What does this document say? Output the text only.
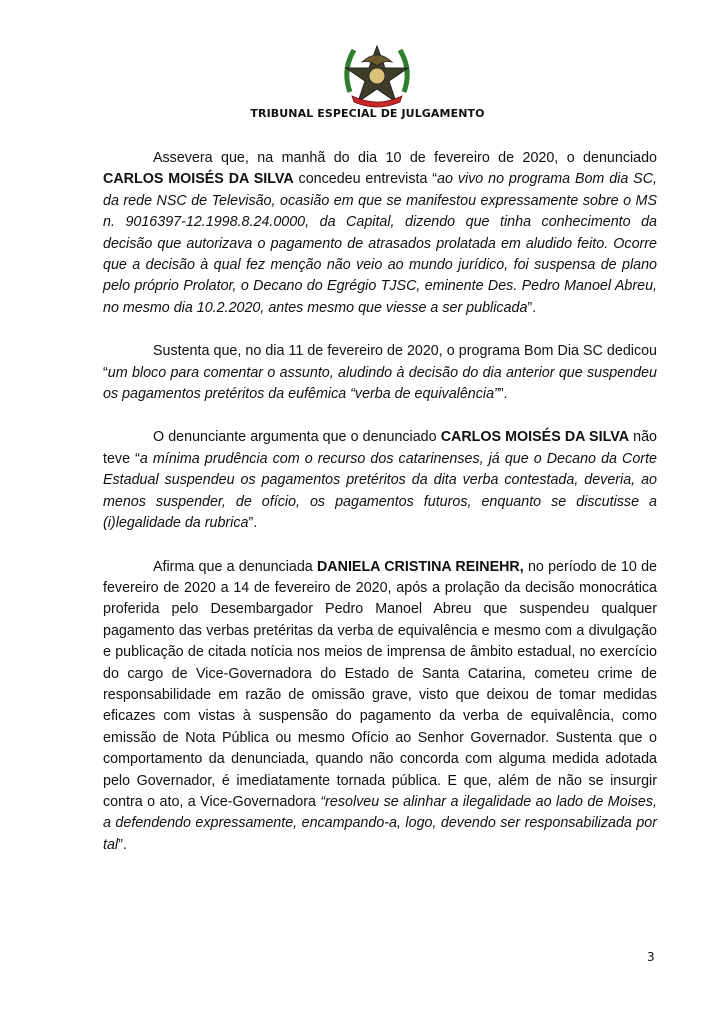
TRIBUNAL ESPECIAL DE JULGAMENTO

Assevera que, na manhã do dia 10 de fevereiro de 2020, o denunciado CARLOS MOISÉS DA SILVA concedeu entrevista “ao vivo no programa Bom dia SC, da rede NSC de Televisão, ocasião em que se manifestou expressamente sobre o MS n. 9016397-12.1998.8.24.0000, da Capital, dizendo que tinha conhecimento da decisão que autorizava o pagamento de atrasados prolatada em aludido feito. Ocorre que a decisão à qual fez menção não veio ao mundo jurídico, foi suspensa de plano pelo próprio Prolator, o Decano do Egrégio TJSC, eminente Des. Pedro Manoel Abreu, no mesmo dia 10.2.2020, antes mesmo que viesse a ser publicada”.

Sustenta que, no dia 11 de fevereiro de 2020, o programa Bom Dia SC dedicou “um bloco para comentar o assunto, aludindo à decisão do dia anterior que suspendeu os pagamentos pretéritos da eufêmica “verba de equivalência””.

O denunciante argumenta que o denunciado CARLOS MOISÉS DA SILVA não teve “a mínima prudência com o recurso dos catarinenses, já que o Decano da Corte Estadual suspendeu os pagamentos pretéritos da dita verba contestada, deveria, ao menos suspender, de ofício, os pagamentos futuros, enquanto se discutisse a (i)legalidade da rubrica”.

Afirma que a denunciada DANIELA CRISTINA REINEHR, no período de 10 de fevereiro de 2020 a 14 de fevereiro de 2020, após a prolação da decisão monocrática proferida pelo Desembargador Pedro Manoel Abreu que suspendeu qualquer pagamento das verbas pretéritas da verba de equivalência e mesmo com a divulgação e publicação de citada notícia nos meios de imprensa de âmbito estadual, no exercício do cargo de Vice-Governadora do Estado de Santa Catarina, cometeu crime de responsabilidade em razão de omissão grave, visto que deixou de tomar medidas eficazes com vistas à suspensão do pagamento da verba de equivalência, como emissão de Nota Pública ou mesmo Ofício ao Senhor Governador. Sustenta que o comportamento da denunciada, quando não concorda com alguma medida adotada pelo Governador, é imediatamente tornada pública. E que, além de não se insurgir contra o ato, a Vice-Governadora “resolveu se alinhar a ilegalidade ao lado de Moises, a defendendo expressamente, encampando-a, logo, devendo ser responsabilizada por tal”.

3
